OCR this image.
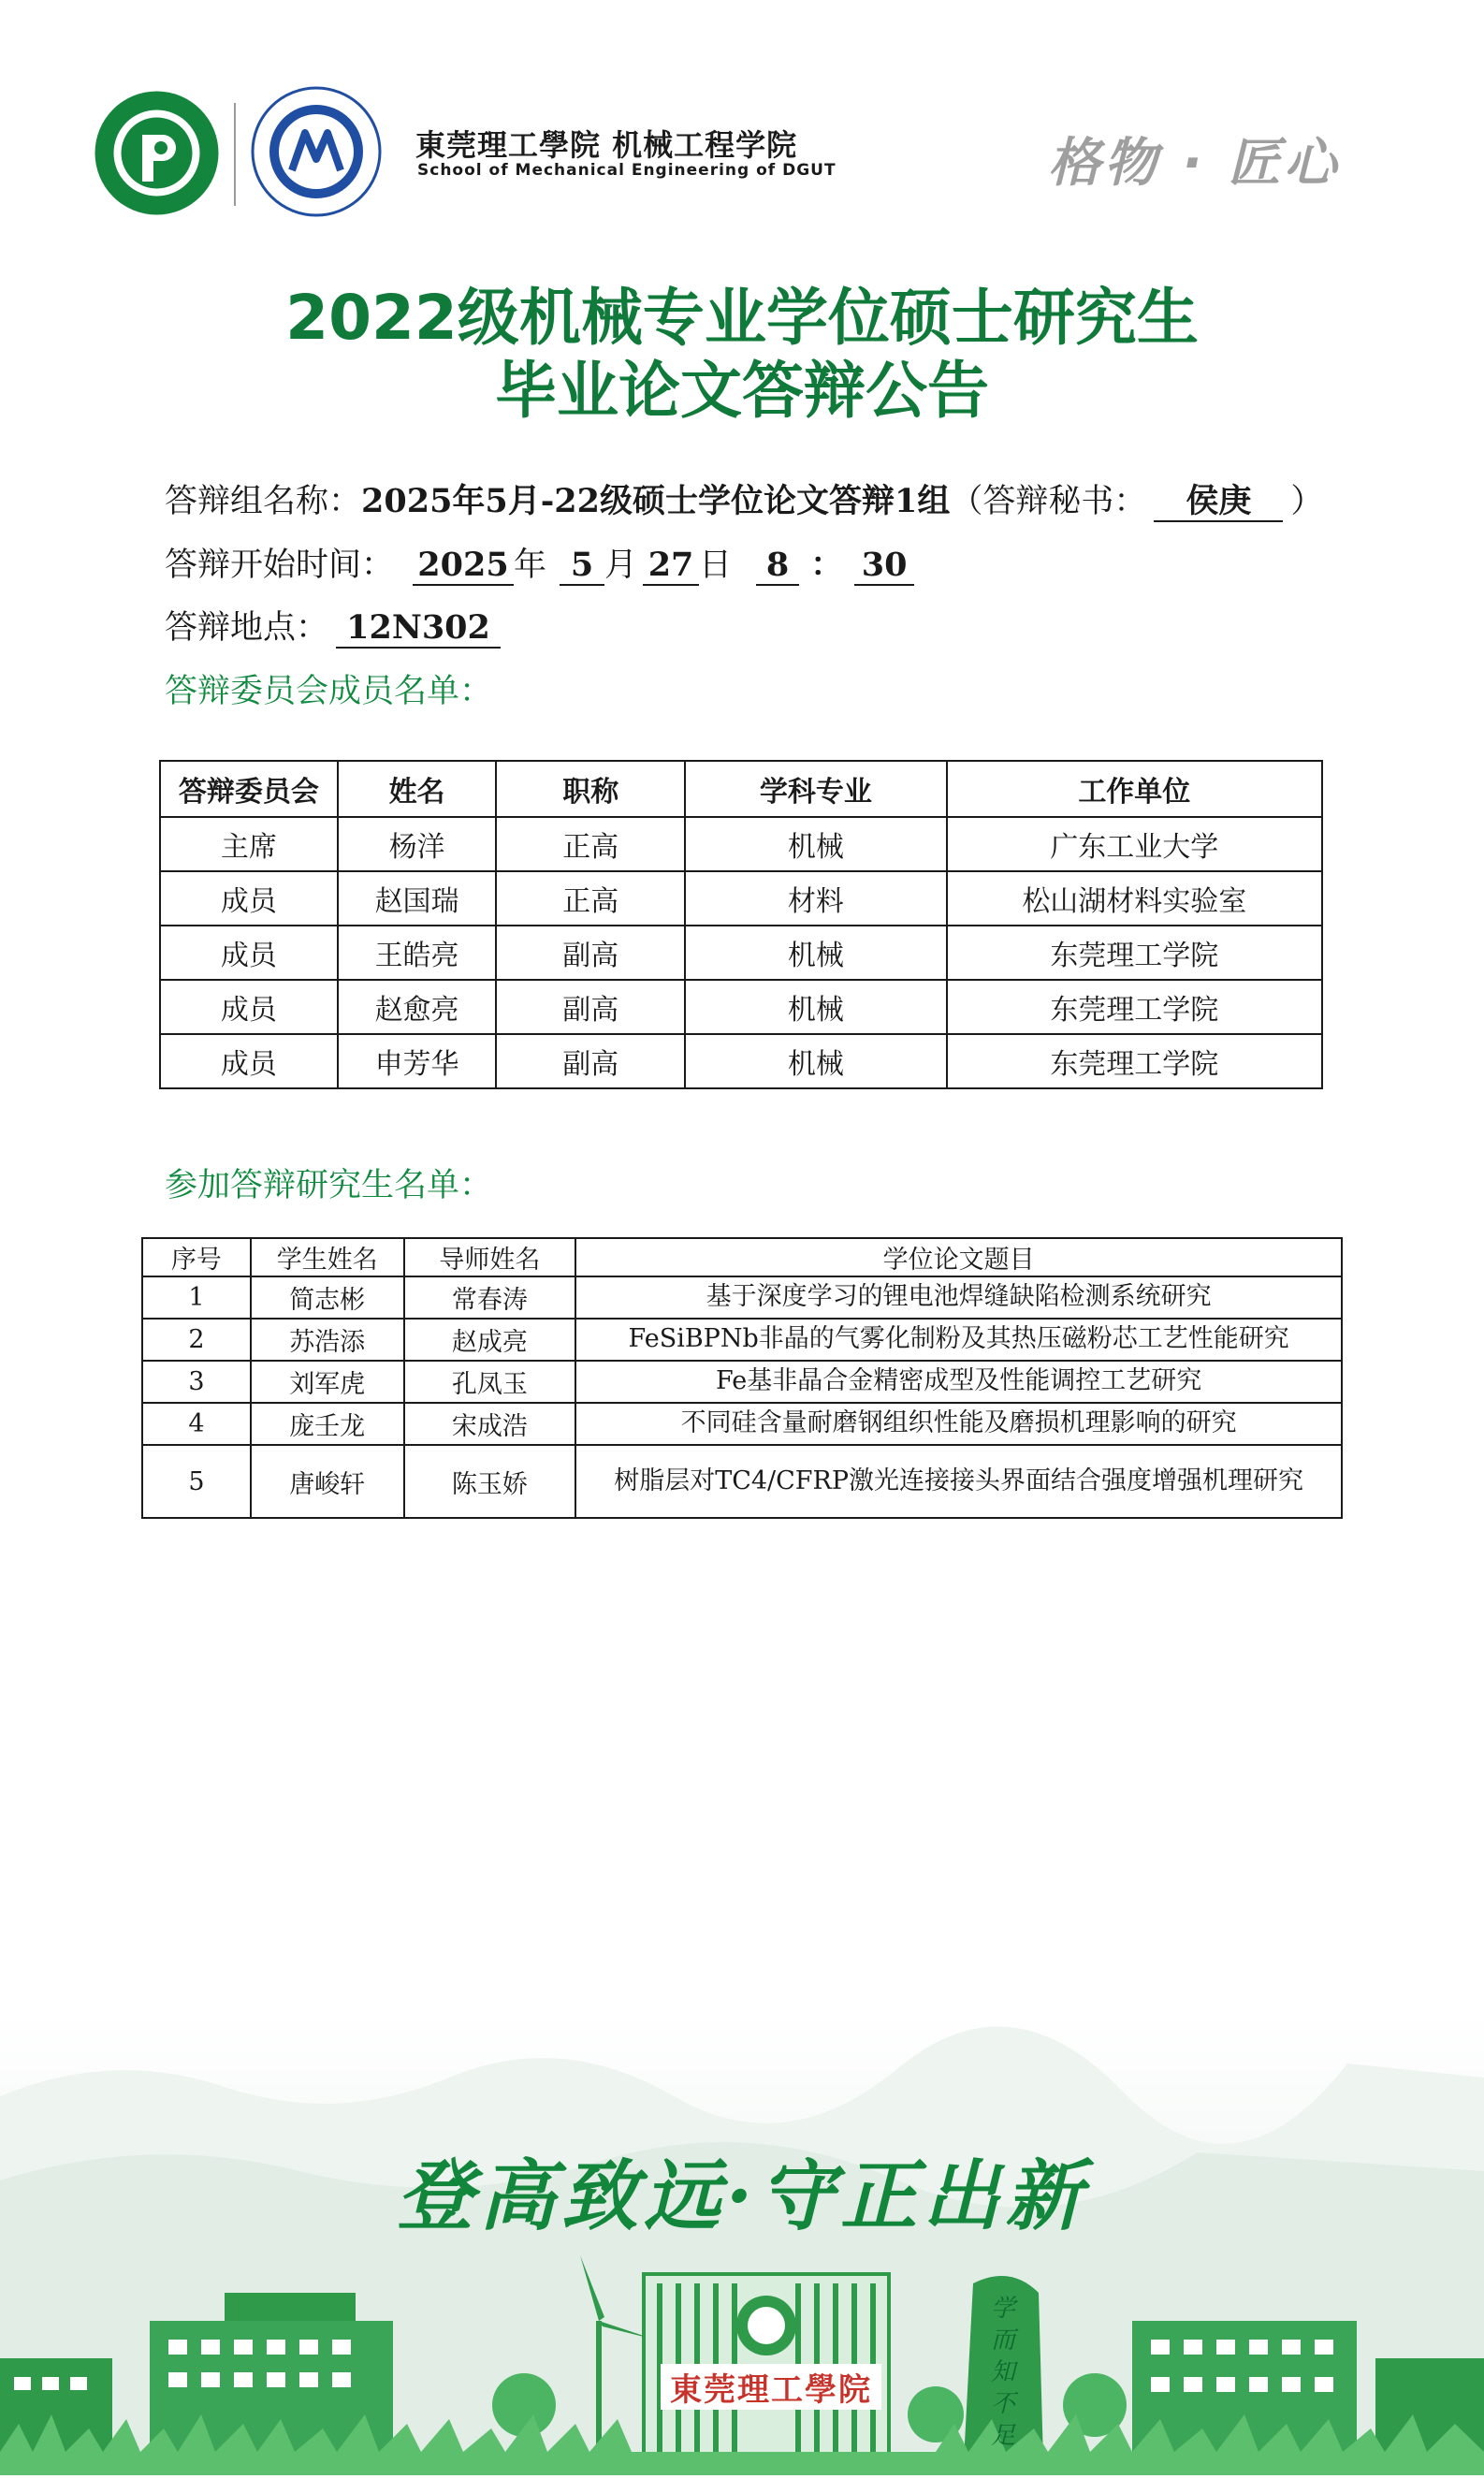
東莞理工學院 机械工程学院
School of Mechanical Engineering of DGUT	格物 · 匠心
2022级机械专业学位硕士研究生
毕业论文答辩公告
答辩组名称：2025年5月-22级硕士学位论文答辩1组（答辩秘书： 侯庚 ）
答辩开始时间： 2025 年 5 月 27 日 8 ： 30
答辩地点： 12N302
答辩委员会成员名单：
答辩委员会	姓名	职称	学科专业	工作单位
主席	杨洋	正高	机械	广东工业大学
成员	赵国瑞	正高	材料	松山湖材料实验室
成员	王皓亮	副高	机械	东莞理工学院
成员	赵愈亮	副高	机械	东莞理工学院
成员	申芳华	副高	机械	东莞理工学院
参加答辩研究生名单：
序号	学生姓名	导师姓名	学位论文题目
1	简志彬	常春涛	基于深度学习的锂电池焊缝缺陷检测系统研究
2	苏浩添	赵成亮	FeSiBPNb非晶的气雾化制粉及其热压磁粉芯工艺性能研究
3	刘军虎	孔凤玉	Fe基非晶合金精密成型及性能调控工艺研究
4	庞壬龙	宋成浩	不同硅含量耐磨钢组织性能及磨损机理影响的研究
5	唐峻轩	陈玉娇	树脂层对TC4/CFRP激光连接接头界面结合强度增强机理研究
登高致远·守正出新
東莞理工學院
学而知不足
